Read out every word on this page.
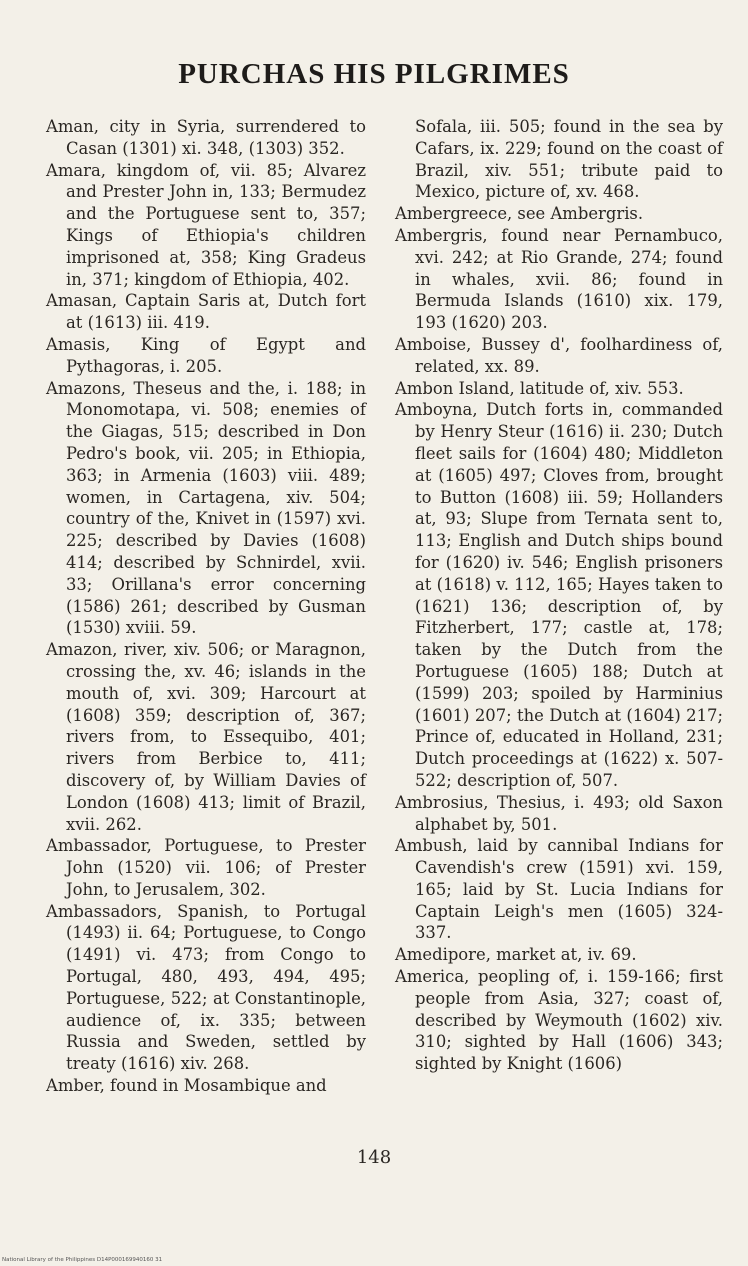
PURCHAS HIS PILGRIMES

Aman, city in Syria, surrendered to Casan (1301) xi. 348, (1303) 352.

Amara, kingdom of, vii. 85; Alvarez and Prester John in, 133; Bermudez and the Portuguese sent to, 357; Kings of Ethiopia's children imprisoned at, 358; King Gradeus in, 371; kingdom of Ethiopia, 402.

Amasan, Captain Saris at, Dutch fort at (1613) iii. 419.

Amasis, King of Egypt and Pythagoras, i. 205.

Amazons, Theseus and the, i. 188; in Monomotapa, vi. 508; enemies of the Giagas, 515; described in Don Pedro's book, vii. 205; in Ethiopia, 363; in Armenia (1603) viii. 489; women, in Cartagena, xiv. 504; country of the, Knivet in (1597) xvi. 225; described by Davies (1608) 414; described by Schnirdel, xvii. 33; Orillana's error concerning (1586) 261; described by Gusman (1530) xviii. 59.

Amazon, river, xiv. 506; or Maragnon, crossing the, xv. 46; islands in the mouth of, xvi. 309; Harcourt at (1608) 359; description of, 367; rivers from, to Essequibo, 401; rivers from Berbice to, 411; discovery of, by William Davies of London (1608) 413; limit of Brazil, xvii. 262.

Ambassador, Portuguese, to Prester John (1520) vii. 106; of Prester John, to Jerusalem, 302.

Ambassadors, Spanish, to Portugal (1493) ii. 64; Portuguese, to Congo (1491) vi. 473; from Congo to Portugal, 480, 493, 494, 495; Portuguese, 522; at Constantinople, audience of, ix. 335; between Russia and Sweden, settled by treaty (1616) xiv. 268.

Amber, found in Mosambique and

Sofala, iii. 505; found in the sea by Cafars, ix. 229; found on the coast of Brazil, xiv. 551; tribute paid to Mexico, picture of, xv. 468.

Ambergreece, see Ambergris.

Ambergris, found near Pernambuco, xvi. 242; at Rio Grande, 274; found in whales, xvii. 86; found in Bermuda Islands (1610) xix. 179, 193 (1620) 203.

Amboise, Bussey d', foolhardiness of, related, xx. 89.

Ambon Island, latitude of, xiv. 553.

Amboyna, Dutch forts in, commanded by Henry Steur (1616) ii. 230; Dutch fleet sails for (1604) 480; Middleton at (1605) 497; Cloves from, brought to Button (1608) iii. 59; Hollanders at, 93; Slupe from Ternata sent to, 113; English and Dutch ships bound for (1620) iv. 546; English prisoners at (1618) v. 112, 165; Hayes taken to (1621) 136; description of, by Fitzherbert, 177; castle at, 178; taken by the Dutch from the Portuguese (1605) 188; Dutch at (1599) 203; spoiled by Harminius (1601) 207; the Dutch at (1604) 217; Prince of, educated in Holland, 231; Dutch proceedings at (1622) x. 507-522; description of, 507.

Ambrosius, Thesius, i. 493; old Saxon alphabet by, 501.

Ambush, laid by cannibal Indians for Cavendish's crew (1591) xvi. 159, 165; laid by St. Lucia Indians for Captain Leigh's men (1605) 324-337.

Amedipore, market at, iv. 69.

America, peopling of, i. 159-166; first people from Asia, 327; coast of, described by Weymouth (1602) xiv. 310; sighted by Hall (1606) 343; sighted by Knight (1606)

148
National Library of the Philippines D14P000169940160 31
